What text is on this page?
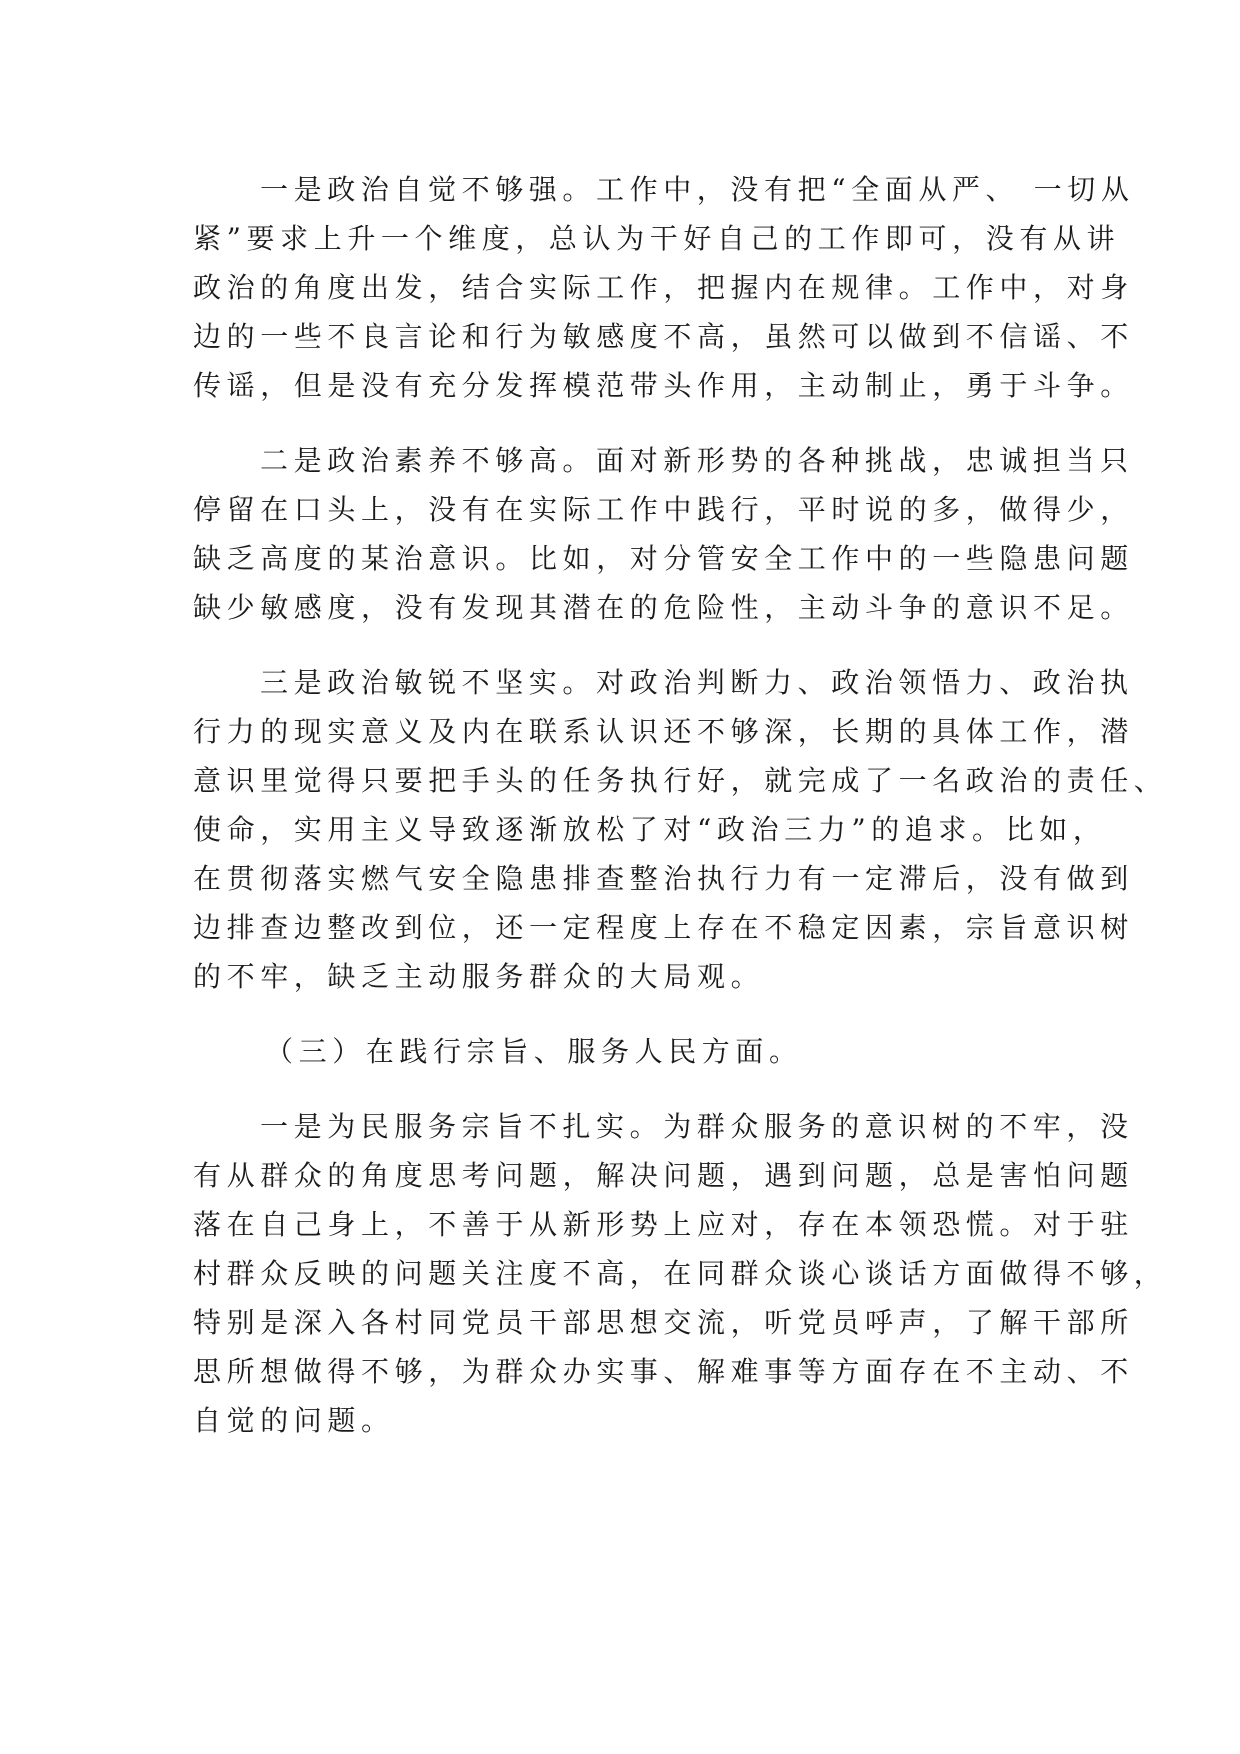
一是政治自觉不够强。工作中，没有把“全面从严、 一切从
紧”要求上升一个维度，总认为干好自己的工作即可，没有从讲
政治的角度出发，结合实际工作，把握内在规律。工作中，对身
边的一些不良言论和行为敏感度不高，虽然可以做到不信谣、不
传谣，但是没有充分发挥模范带头作用，主动制止，勇于斗争。
二是政治素养不够高。面对新形势的各种挑战，忠诚担当只
停留在口头上，没有在实际工作中践行，平时说的多，做得少，
缺乏高度的某治意识。比如，对分管安全工作中的一些隐患问题
缺少敏感度，没有发现其潜在的危险性，主动斗争的意识不足。
三是政治敏锐不坚实。对政治判断力、政治领悟力、政治执
行力的现实意义及内在联系认识还不够深，长期的具体工作，潜
意识里觉得只要把手头的任务执行好，就完成了一名政治的责任、
使命，实用主义导致逐渐放松了对“政治三力”的追求。比如，
在贯彻落实燃气安全隐患排查整治执行力有一定滞后，没有做到
边排查边整改到位，还一定程度上存在不稳定因素，宗旨意识树
的不牢，缺乏主动服务群众的大局观。
（三）在践行宗旨、服务人民方面。
一是为民服务宗旨不扎实。为群众服务的意识树的不牢，没
有从群众的角度思考问题，解决问题，遇到问题，总是害怕问题
落在自己身上，不善于从新形势上应对，存在本领恐慌。对于驻
村群众反映的问题关注度不高，在同群众谈心谈话方面做得不够，
特别是深入各村同党员干部思想交流，听党员呼声，了解干部所
思所想做得不够，为群众办实事、解难事等方面存在不主动、不
自觉的问题。
